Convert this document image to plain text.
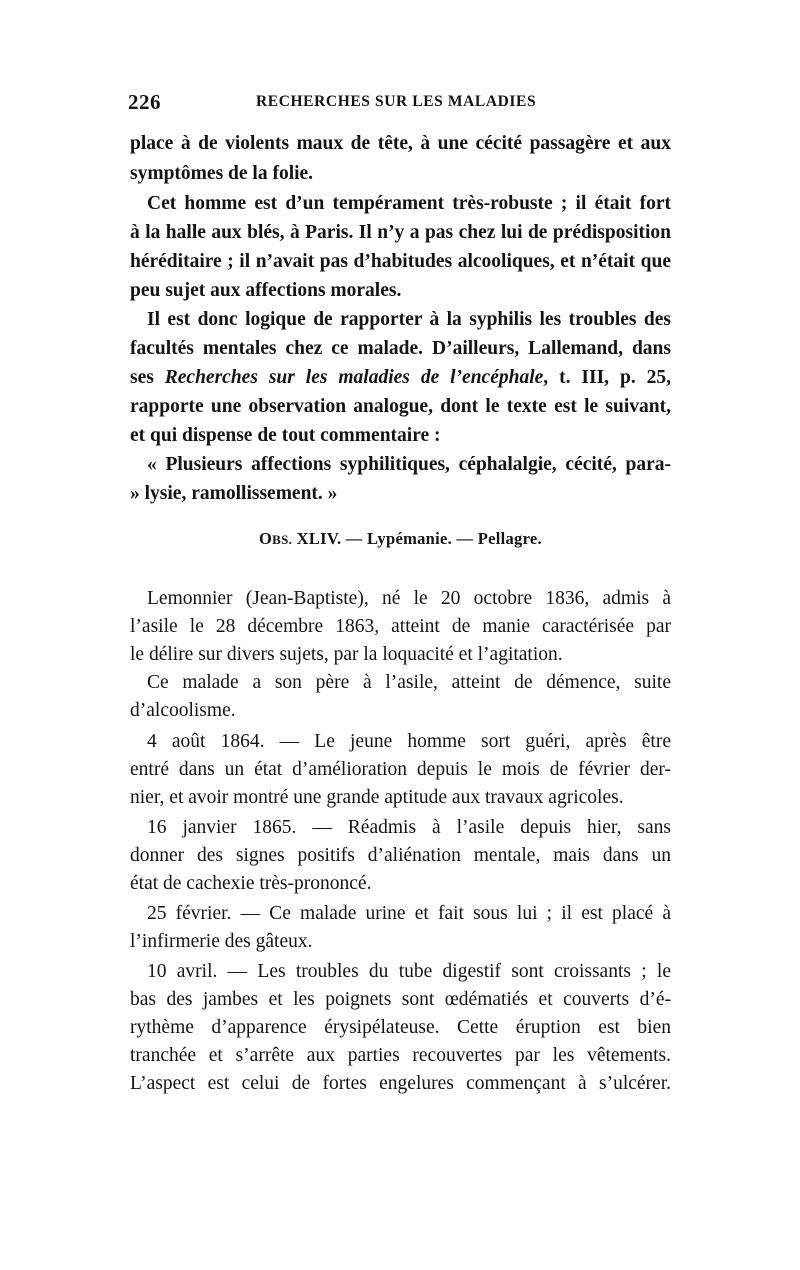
226	RECHERCHES SUR LES MALADIES
place à de violents maux de tête, à une cécité passagère et aux
symptômes de la folie.
Cet homme est d’un tempérament très-robuste ; il était fort
à la halle aux blés, à Paris. Il n’y a pas chez lui de prédisposition
héréditaire ; il n’avait pas d’habitudes alcooliques, et n’était que
peu sujet aux affections morales.
Il est donc logique de rapporter à la syphilis les troubles des
facultés mentales chez ce malade. D’ailleurs, Lallemand, dans
ses Recherches sur les maladies de l’encéphale, t. III, p. 25,
rapporte une observation analogue, dont le texte est le suivant,
et qui dispense de tout commentaire :
« Plusieurs affections syphilitiques, céphalalgie, cécité, para-
» lysie, ramollissement. »
OBS. XLIV. — Lypémanie. — Pellagre.
Lemonnier (Jean-Baptiste), né le 20 octobre 1836, admis à
l’asile le 28 décembre 1863, atteint de manie caractérisée par
le délire sur divers sujets, par la loquacité et l’agitation.
Ce malade a son père à l’asile, atteint de démence, suite
d’alcoolisme.
4 août 1864. — Le jeune homme sort guéri, après être
entré dans un état d’amélioration depuis le mois de février der-
nier, et avoir montré une grande aptitude aux travaux agricoles.
16 janvier 1865. — Réadmis à l’asile depuis hier, sans
donner des signes positifs d’aliénation mentale, mais dans un
état de cachexie très-prononcé.
25 février. — Ce malade urine et fait sous lui ; il est placé à
l’infirmerie des gâteux.
10 avril. — Les troubles du tube digestif sont croissants ; le
bas des jambes et les poignets sont œdématiés et couverts d’é-
rythème d’apparence érysipélateuse. Cette éruption est bien
tranchée et s’arrête aux parties recouvertes par les vêtements.
L’aspect est celui de fortes engelures commençant à s’ulcérer.
